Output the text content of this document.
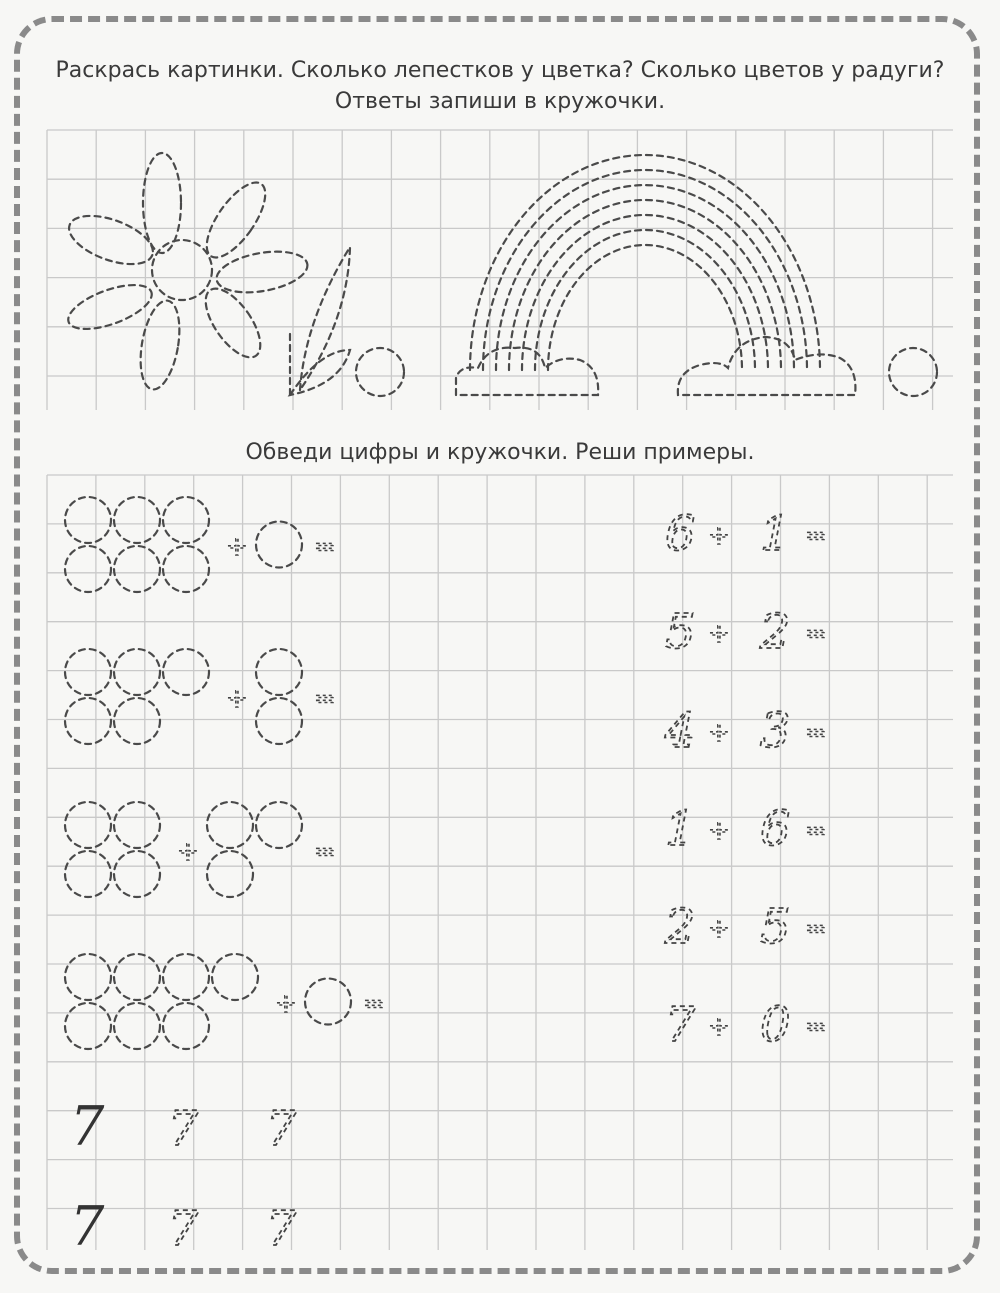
Раскрась картинки. Сколько лепестков у цветка? Сколько цветов у радуги?
Ответы запиши в кружочки.
Обведи цифры и кружочки. Реши примеры.
+	=
+	=
+	=
+	=
6 + 1 =
5 + 2 =
4 + 3 =
1 + 6 =
2 + 5 =
7 + 0 =
7 7 7
7 7 7
